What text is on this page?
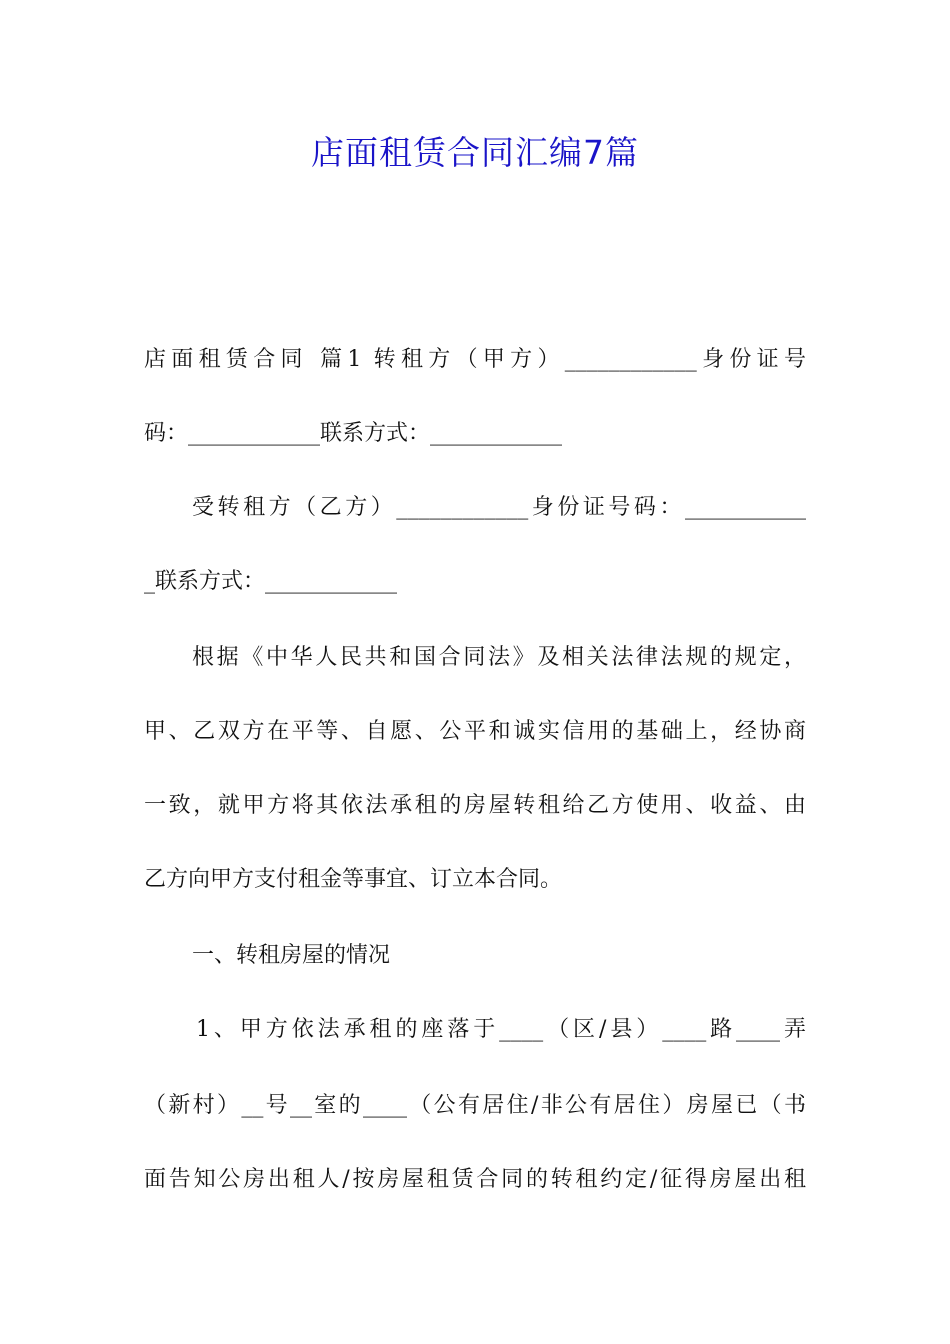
店面租赁合同汇编7篇
店面租赁合同 篇1 转租方（甲方）____________身份证号
码：____________联系方式：____________
受转租方（乙方）____________身份证号码：___________
_联系方式：____________
根据《中华人民共和国合同法》及相关法律法规的规定，
甲、乙双方在平等、自愿、公平和诚实信用的基础上，经协商
一致，就甲方将其依法承租的房屋转租给乙方使用、收益、由
乙方向甲方支付租金等事宜、订立本合同。
一、转租房屋的情况
1、甲方依法承租的座落于____（区/县）____路____弄
（新村）__号__室的____（公有居住/非公有居住）房屋已（书
面告知公房出租人/按房屋租赁合同的转租约定/征得房屋出租
